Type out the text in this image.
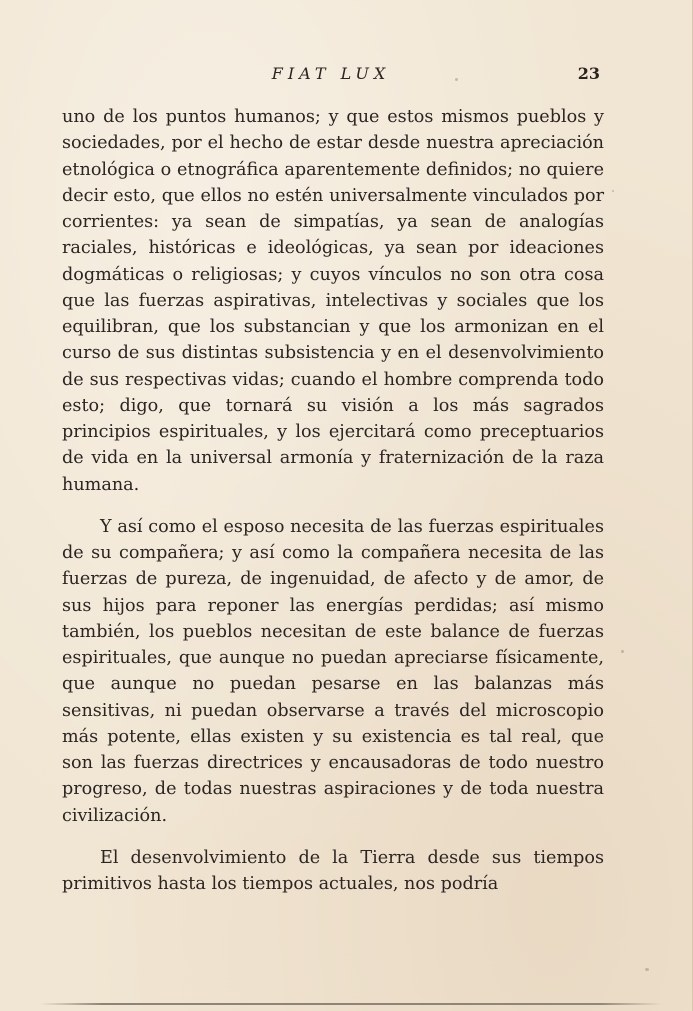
FIAT LUX	23

uno de los puntos humanos; y que estos mismos pueblos y sociedades, por el hecho de estar desde nuestra apreciación etnológica o etnográfica aparentemente definidos; no quiere decir esto, que ellos no estén universalmente vinculados por corrientes: ya sean de simpatías, ya sean de analogías raciales, históricas e ideológicas, ya sean por ideaciones dogmáticas o religiosas; y cuyos vínculos no son otra cosa que las fuerzas aspirativas, intelectivas y sociales que los equilibran, que los substancian y que los armonizan en el curso de sus distintas subsistencia y en el desenvolvimiento de sus respectivas vidas; cuando el hombre comprenda todo esto; digo, que tornará su visión a los más sagrados principios espirituales, y los ejercitará como preceptuarios de vida en la universal armonía y fraternización de la raza humana.

Y así como el esposo necesita de las fuerzas espirituales de su compañera; y así como la compañera necesita de las fuerzas de pureza, de ingenuidad, de afecto y de amor, de sus hijos para reponer las energías perdidas; así mismo también, los pueblos necesitan de este balance de fuerzas espirituales, que aunque no puedan apreciarse físicamente, que aunque no puedan pesarse en las balanzas más sensitivas, ni puedan observarse a través del microscopio más potente, ellas existen y su existencia es tal real, que son las fuerzas directrices y encausadoras de todo nuestro progreso, de todas nuestras aspiraciones y de toda nuestra civilización.

El desenvolvimiento de la Tierra desde sus tiempos primitivos hasta los tiempos actuales, nos podría
